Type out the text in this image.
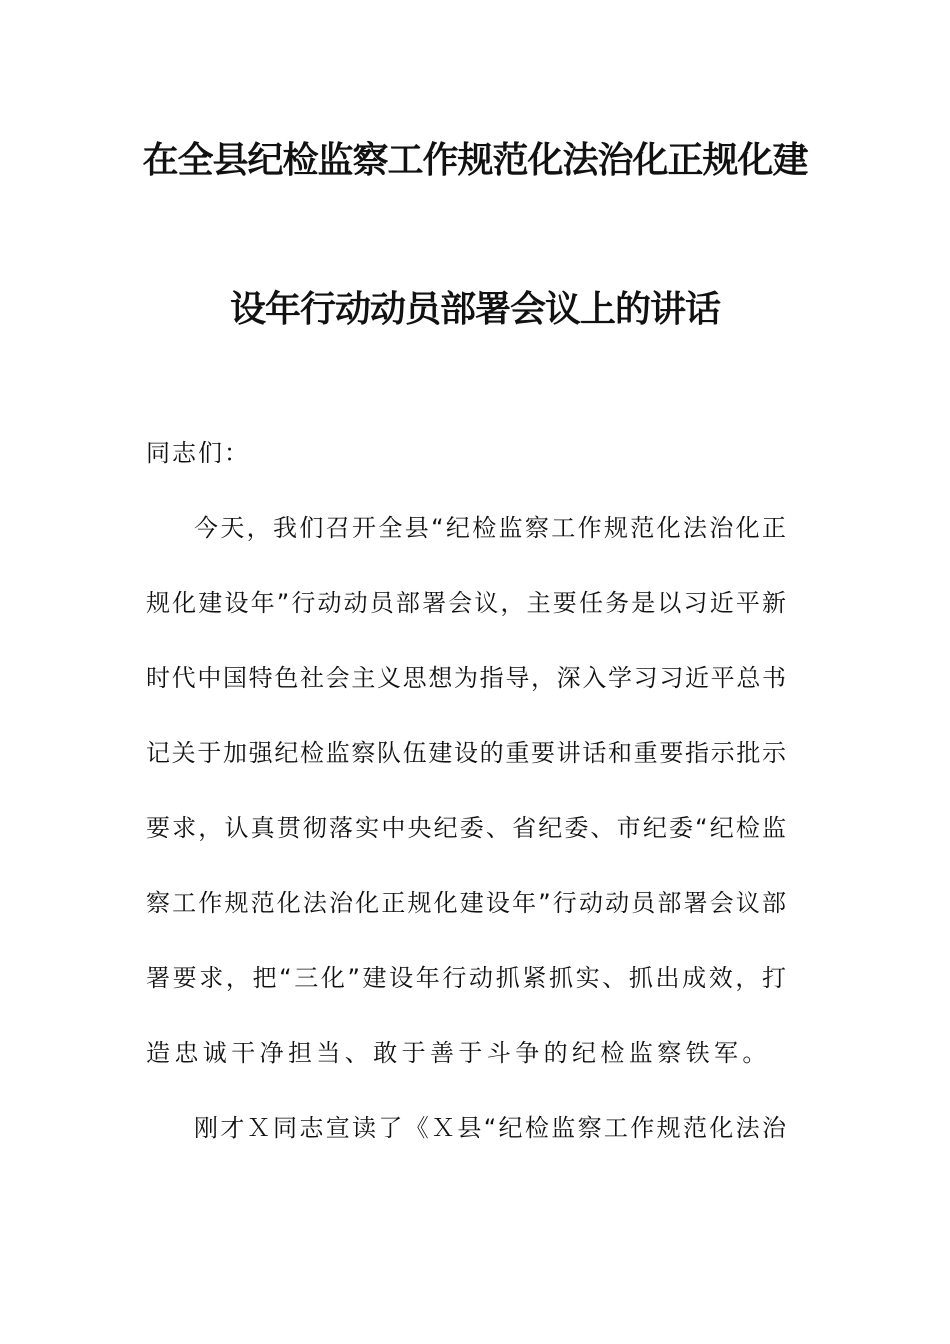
在全县纪检监察工作规范化法治化正规化建
设年行动动员部署会议上的讲话
同志们：
今天，我们召开全县“纪检监察工作规范化法治化正
规化建设年”行动动员部署会议，主要任务是以习近平新
时代中国特色社会主义思想为指导，深入学习习近平总书
记关于加强纪检监察队伍建设的重要讲话和重要指示批示
要求，认真贯彻落实中央纪委、省纪委、市纪委“纪检监
察工作规范化法治化正规化建设年”行动动员部署会议部
署要求，把“三化”建设年行动抓紧抓实、抓出成效，打
造忠诚干净担当、敢于善于斗争的纪检监察铁军。
刚才Ｘ同志宣读了《Ｘ县“纪检监察工作规范化法治
